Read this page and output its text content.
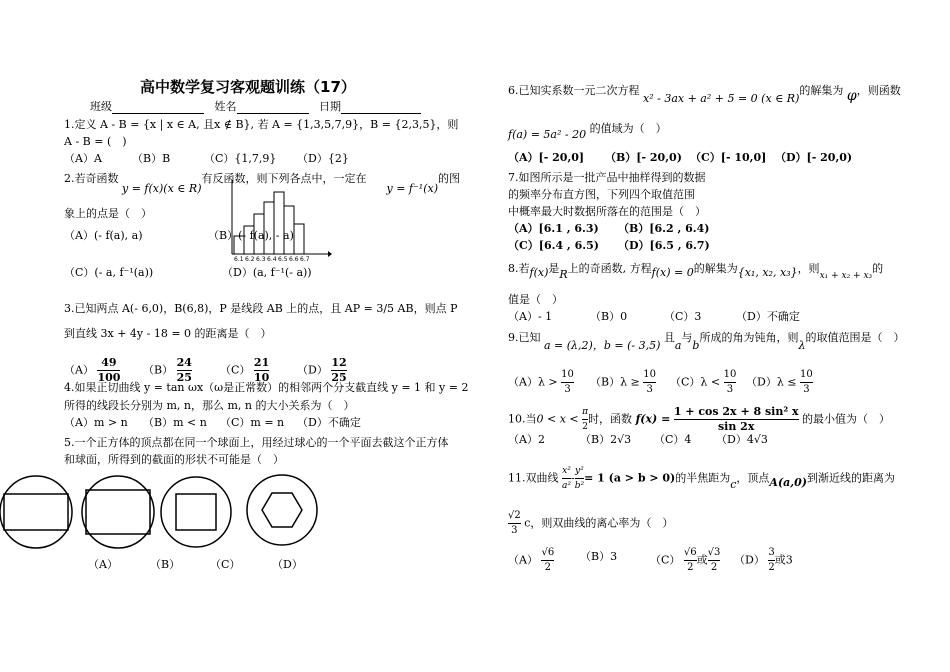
高中数学复习客观题训练（17）
班级	姓名	日期
1.定义 A - B = {x | x ∈ A, 且x ∉ B}, 若 A = {1,3,5,7,9}，B = {2,3,5}，则
A - B = (　)
（A）A	（B）B	（C）{1,7,9} （D）{2}
2.若奇函数 y = f(x)(x ∈ R)有反函数，则下列各点中，一定在y = f⁻¹(x)的图
象上的点是（　）
（A）(- f(a), a)	（B）(- f(a), - a)
（C）(- a, f⁻¹(a))	（D）(a, f⁻¹(- a))
6.1 6.2 6.3 6.4 6.5 6.6 6.7
3.已知两点 A(- 6,0)，B(6,8)，P 是线段 AB 上的点，且 AP = 3/5 AB，则点 P
到直线 3x + 4y - 18 = 0 的距离是（　）
$(A) \frac{49}{100} (B) \frac{24}{25}$	$(C) \frac{21}{10}$	$(D) \frac{12}{25}$
4.如果正切曲线 y = tan ωx（ω是正常数）的相邻两个分支截直线 y = 1 和 y = 2
所得的线段长分别为 m, n，那么 m, n 的大小关系为（　）
（A）m > n （B）m < n （C）m = n （D）不确定
5.一个正方体的顶点都在同一个球面上，用经过球心的一个平面去截这个正方体
和球面，所得到的截面的形状不可能是（　）
（A）	（B）	（C）	（D）
6.已知实系数一元二次方程 x² - 3ax + a² + 5 = 0 (x ∈ R)的解集为 φ，则函数
f(a) = 5a² - 20 的值域为（　）
（A）[- 20,0] （B）[- 20,0) （C）[- 10,0] （D）[- 20,0)
7.如图所示是一批产品中抽样得到的数据
的频率分布直方图，下列四个取值范围
中概率最大时数据所落在的范围是（　）
（A）[6.1 , 6.3) （B）[6.2 , 6.4)
（C）[6.4 , 6.5) （D）[6.5 , 6.7)
8.若f(x)是R上的奇函数, 方程f(x) = 0的解集为{x₁, x₂, x₃}，则$_{x_1 + x_2 + x_3}$的
值是（　）
（A）- 1	（B）0	（C）3	（D）不确定
9.已知 a = (λ,2)，b = (- 3,5) 且a与b所成的角为钝角，则λ的取值范围是（　）
$(A)\lambda > \frac{10}{3} (B)\lambda \ge \frac{10}{3} (C)\lambda < \frac{10}{3} (D)\lambda \le \frac{10}{3}$
10.当$0 < x < \frac{\pi}{2}$ 时，函数 $f(x) = \frac{\text{1 + cos 2x + 8 sin² x}}{\sin 2x}$ 的最小值为（　）
（A）2	（B）2√3 （C）4 （D）4√3
11.双曲线 $\frac{\text{x²}}{\text{a²}} - \frac{\text{y²}}{\text{b²}} = 1$ (a > b > 0)的半焦距为c，顶点A(a,0)到渐近线的距离为
$\frac{√2}{3}$ c，则双曲线的离心率为（　）
$(A) \frac{√6}{2} (B)3$	$(C) \frac{√6}{2}$ 或 $\frac{√3}{2} (D) \frac{3}{2}$ 或3
